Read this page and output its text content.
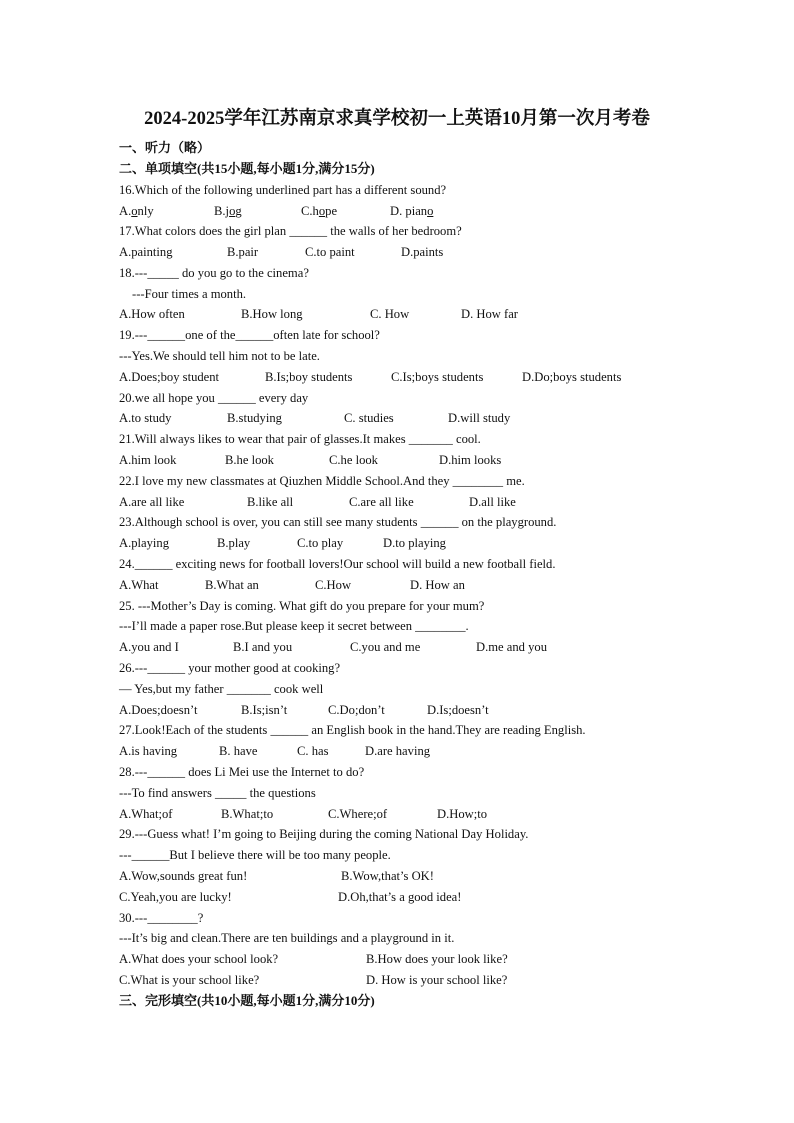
2024-2025学年江苏南京求真学校初一上英语10月第一次月考卷
一、听力（略）
二、单项填空(共15小题,每小题1分,满分15分)
16.Which of the following underlined part has a different sound?
A.only	B.jog	C.hope	D. piano
17.What colors does the girl plan ______ the walls of her bedroom?
A.painting	B.pair	C.to paint	D.paints
18.---_____ do you go to the cinema?
---Four times a month.
A.How often	B.How long	C. How	D. How far
19.---______one of the______often late for school?
---Yes.We should tell him not to be late.
A.Does;boy student	B.Is;boy students	C.Is;boys students	D.Do;boys students
20.we all hope you ______ every day
A.to study	B.studying	C. studies	D.will study
21.Will always likes to wear that pair of glasses.It makes _______ cool.
A.him look	B.he look	C.he look	D.him looks
22.I love my new classmates at Qiuzhen Middle School.And they ________ me.
A.are all like	B.like all	C.are all like	D.all like
23.Although school is over, you can still see many students ______ on the playground.
A.playing	B.play	C.to play	D.to playing
24.______ exciting news for football lovers!Our school will build a new football field.
A.What	B.What an	C.How	D. How an
25. ---Mother’s Day is coming. What gift do you prepare for your mum?
---I’ll made a paper rose.But please keep it secret between ________.
A.you and I	B.I and you	C.you and me	D.me and you
26.---______ your mother good at cooking?
— Yes,but my father _______ cook well
A.Does;doesn’t	B.Is;isn’t	C.Do;don’t	D.Is;doesn’t
27.Look!Each of the students ______ an English book in the hand.They are reading English.
A.is having	B. have	C. has	D.are having
28.---______ does Li Mei use the Internet to do?
---To find answers _____ the questions
A.What;of	B.What;to	C.Where;of	D.How;to
29.---Guess what! I’m going to Beijing during the coming National Day Holiday.
---______But I believe there will be too many people.
A.Wow,sounds great fun!	B.Wow,that’s OK!
C.Yeah,you are lucky!	D.Oh,that’s a good idea!
30.---________?
---It’s big and clean.There are ten buildings and a playground in it.
A.What does your school look?	B.How does your look like?
C.What is your school like?	D. How is your school like?
三、完形填空(共10小题,每小题1分,满分10分)
